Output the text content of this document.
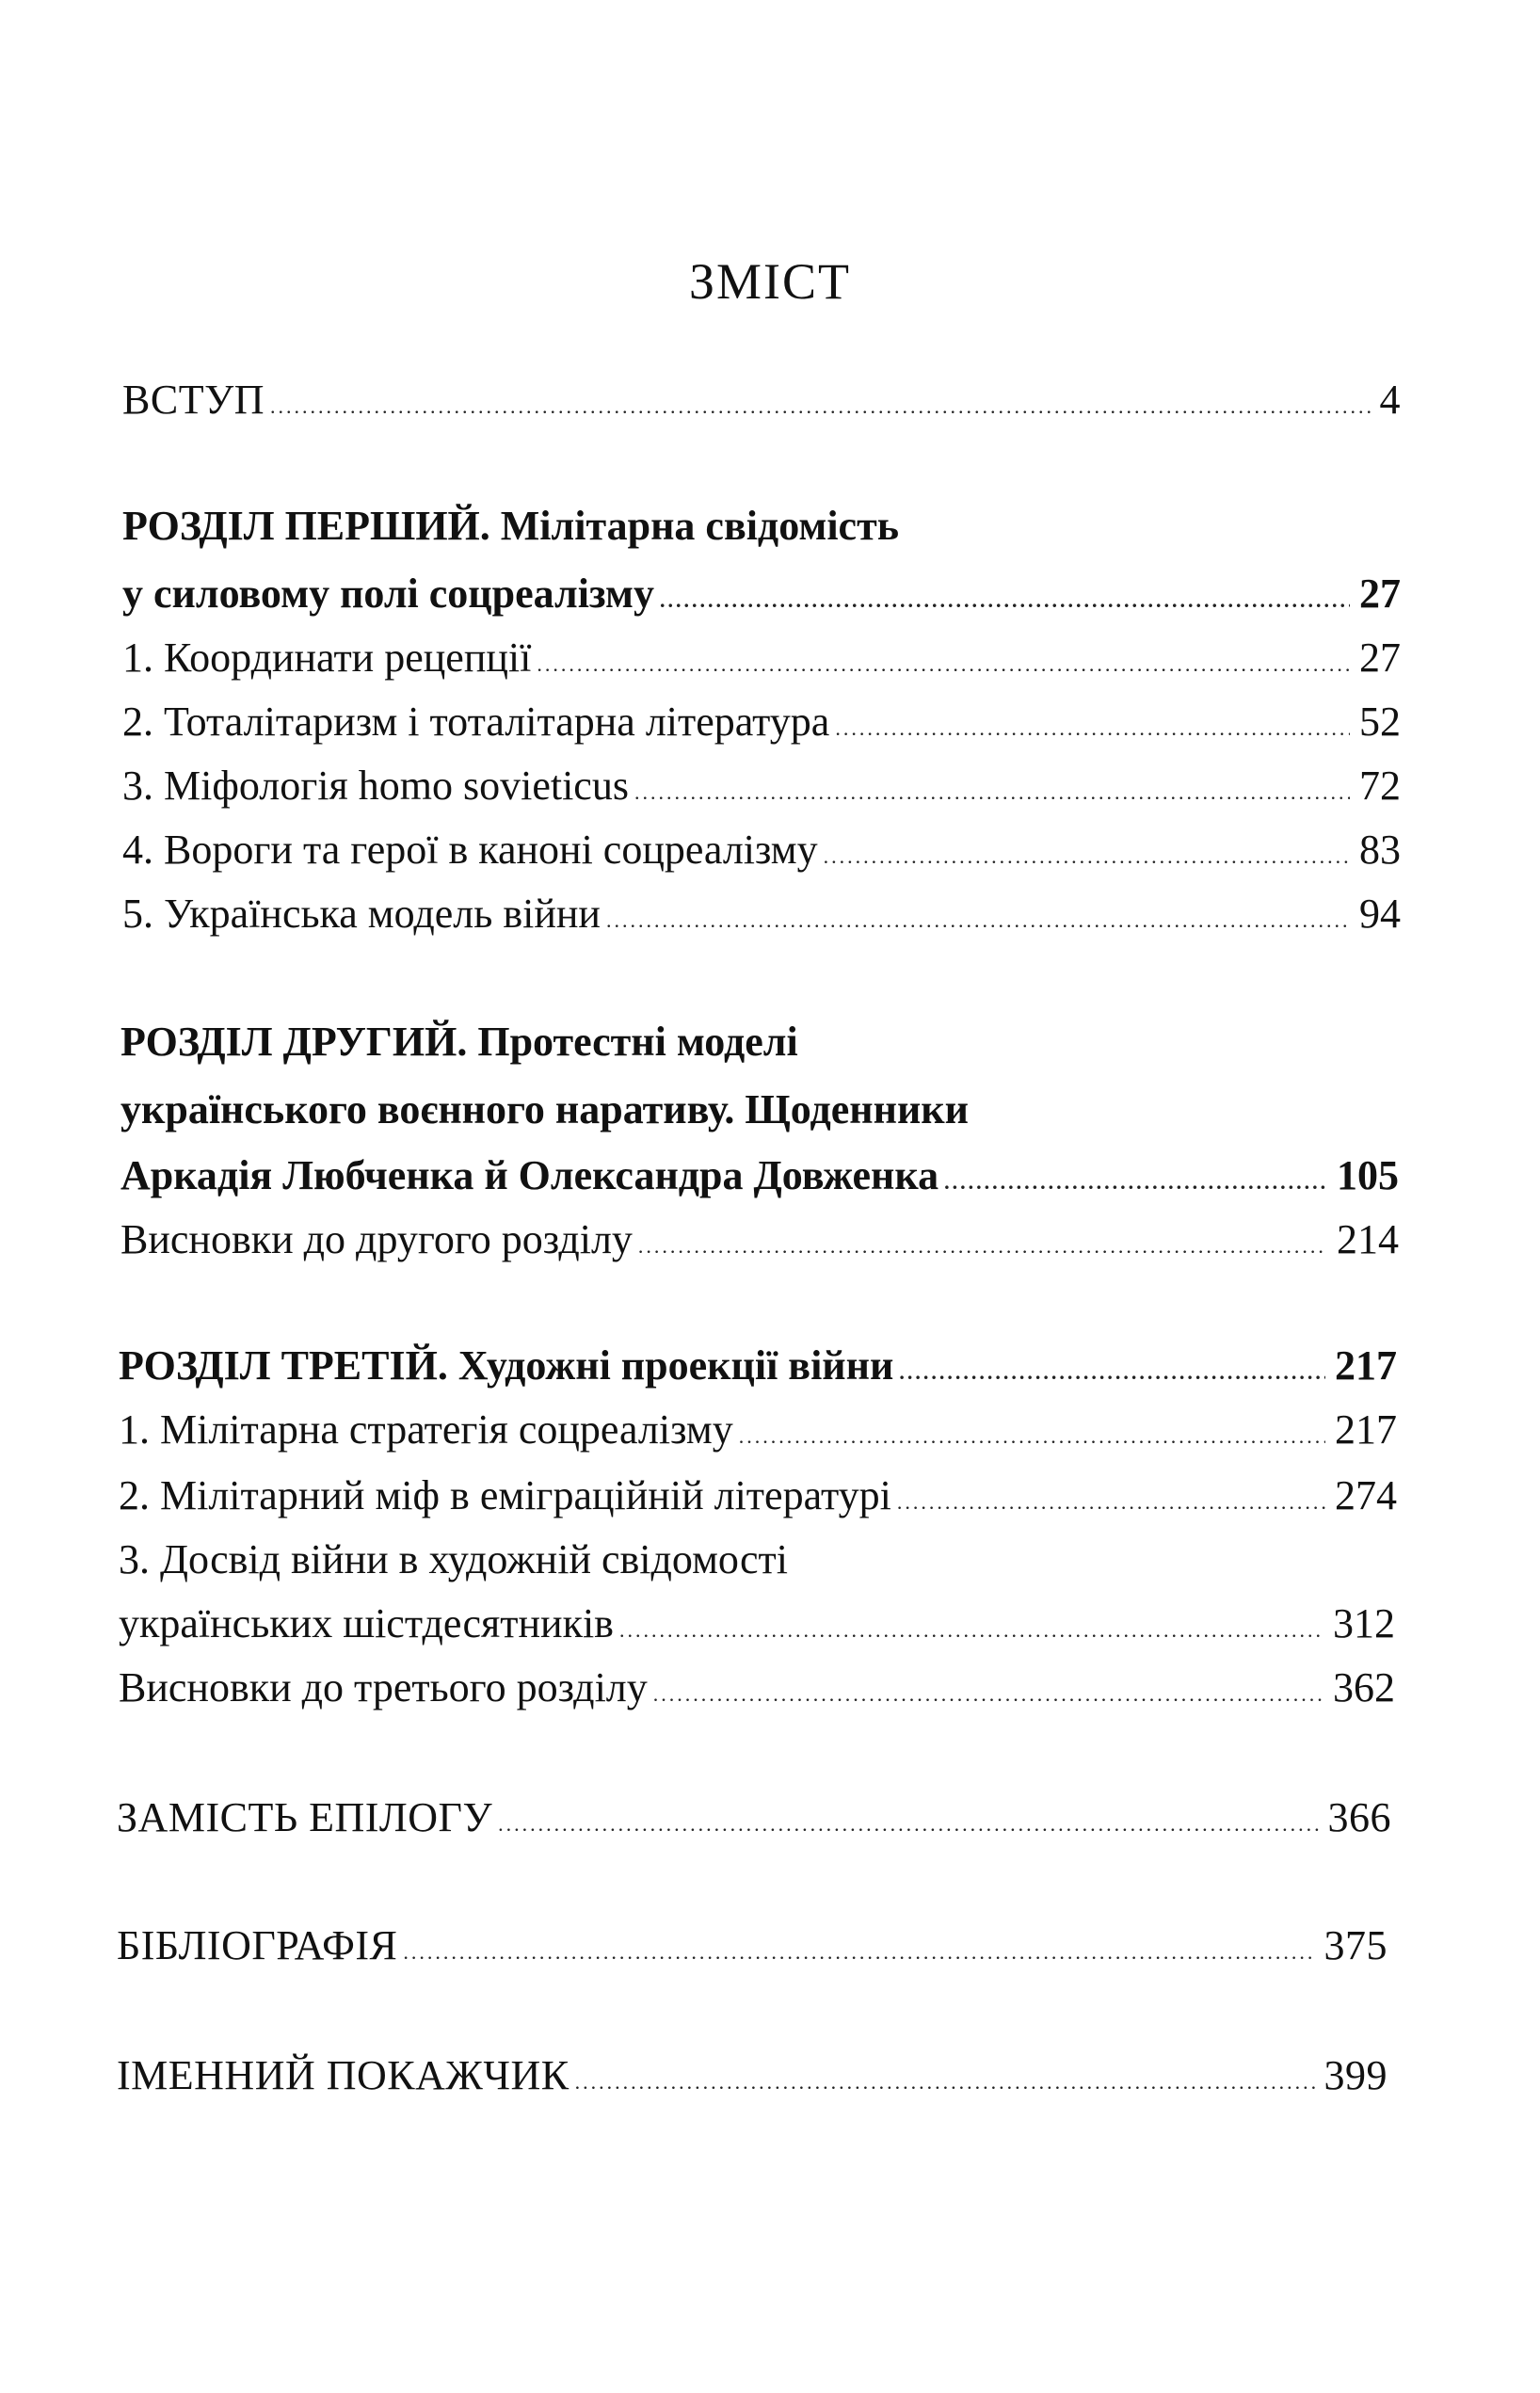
ЗМІСТ
ВСТУП .....	4
РОЗДІЛ ПЕРШИЙ. Мілітарна свідомість
у силовому полі соцреалізму .....	27
1. Координати рецепції .....	27
2. Тоталітаризм і тоталітарна література .....	52
3. Міфологія homo sovieticus .....	72
4. Вороги та герої в каноні соцреалізму .....	83
5. Українська модель війни .....	94
РОЗДІЛ ДРУГИЙ. Протестні моделі
українського воєнного наративу. Щоденники
Аркадія Любченка й Олександра Довженка .....	105
Висновки до другого розділу .....	214
РОЗДІЛ ТРЕТІЙ. Художні проекції війни .....	217
1. Мілітарна стратегія соцреалізму .....	217
2. Мілітарний міф в еміграційній літературі .....	274
3. Досвід війни в художній свідомості
українських шістдесятників .....	312
Висновки до третього розділу .....	362
ЗАМІСТЬ ЕПІЛОГУ .....	366
БІБЛІОГРАФІЯ .....	375
ІМЕННИЙ ПОКАЖЧИК .....	399
